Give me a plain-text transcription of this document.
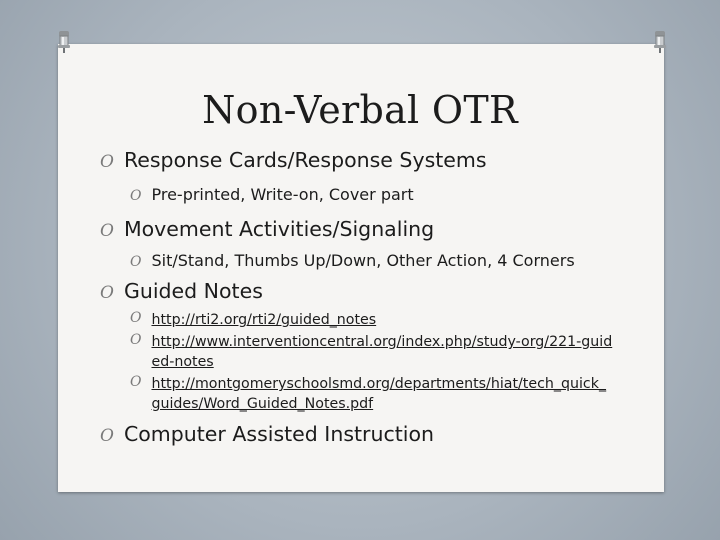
Non-Verbal OTR
O Response Cards/Response Systems
O Pre-printed, Write-on, Cover part
O Movement Activities/Signaling
O Sit/Stand, Thumbs Up/Down, Other Action, 4 Corners
O Guided Notes
O http://rti2.org/rti2/guided_notes
O http://www.interventioncentral.org/index.php/study-org/221-guided-notes
O http://montgomeryschoolsmd.org/departments/hiat/tech_quick_guides/Word_Guided_Notes.pdf
O Computer Assisted Instruction
